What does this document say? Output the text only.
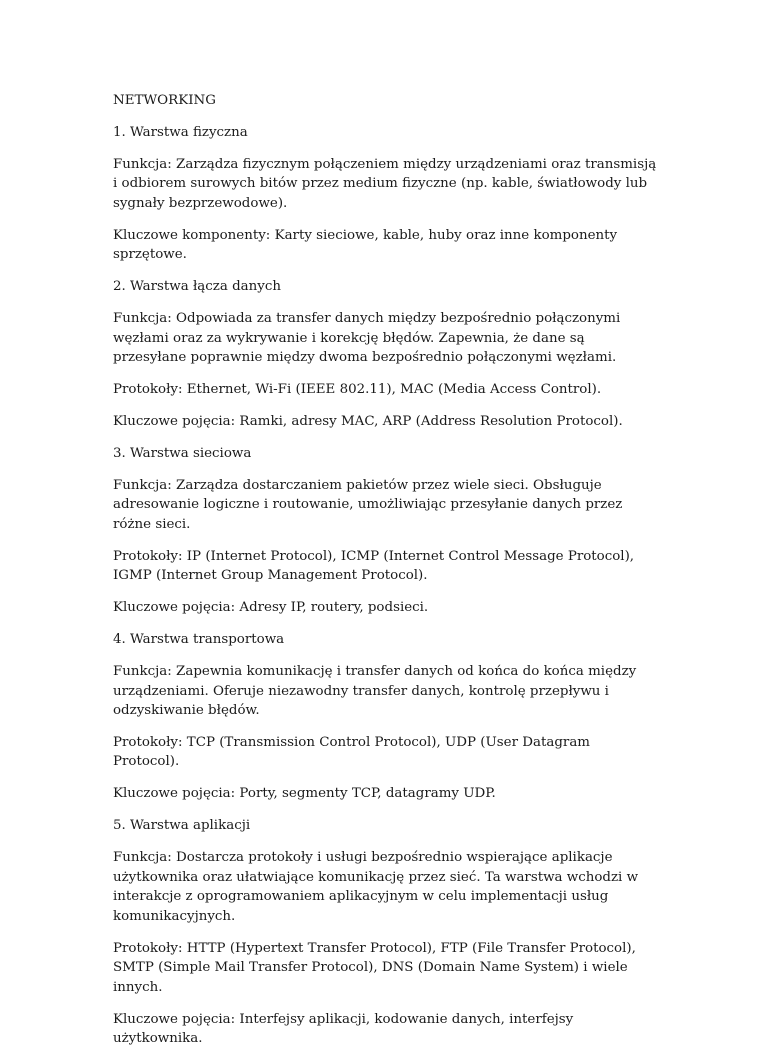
NETWORKING

1. Warstwa fizyczna

Funkcja: Zarządza fizycznym połączeniem między urządzeniami oraz transmisją i odbiorem surowych bitów przez medium fizyczne (np. kable, światłowody lub sygnały bezprzewodowe).

Kluczowe komponenty: Karty sieciowe, kable, huby oraz inne komponenty sprzętowe.

2. Warstwa łącza danych

Funkcja: Odpowiada za transfer danych między bezpośrednio połączonymi węzłami oraz za wykrywanie i korekcję błędów. Zapewnia, że dane są przesyłane poprawnie między dwoma bezpośrednio połączonymi węzłami.

Protokoły: Ethernet, Wi-Fi (IEEE 802.11), MAC (Media Access Control).

Kluczowe pojęcia: Ramki, adresy MAC, ARP (Address Resolution Protocol).

3. Warstwa sieciowa

Funkcja: Zarządza dostarczaniem pakietów przez wiele sieci. Obsługuje adresowanie logiczne i routowanie, umożliwiając przesyłanie danych przez różne sieci.

Protokoły: IP (Internet Protocol), ICMP (Internet Control Message Protocol), IGMP (Internet Group Management Protocol).

Kluczowe pojęcia: Adresy IP, routery, podsieci.

4. Warstwa transportowa

Funkcja: Zapewnia komunikację i transfer danych od końca do końca między urządzeniami. Oferuje niezawodny transfer danych, kontrolę przepływu i odzyskiwanie błędów.

Protokoły: TCP (Transmission Control Protocol), UDP (User Datagram Protocol).

Kluczowe pojęcia: Porty, segmenty TCP, datagramy UDP.

5. Warstwa aplikacji

Funkcja: Dostarcza protokoły i usługi bezpośrednio wspierające aplikacje użytkownika oraz ułatwiające komunikację przez sieć. Ta warstwa wchodzi w interakcje z oprogramowaniem aplikacyjnym w celu implementacji usług komunikacyjnych.

Protokoły: HTTP (Hypertext Transfer Protocol), FTP (File Transfer Protocol), SMTP (Simple Mail Transfer Protocol), DNS (Domain Name System) i wiele innych.

Kluczowe pojęcia: Interfejsy aplikacji, kodowanie danych, interfejsy użytkownika.
